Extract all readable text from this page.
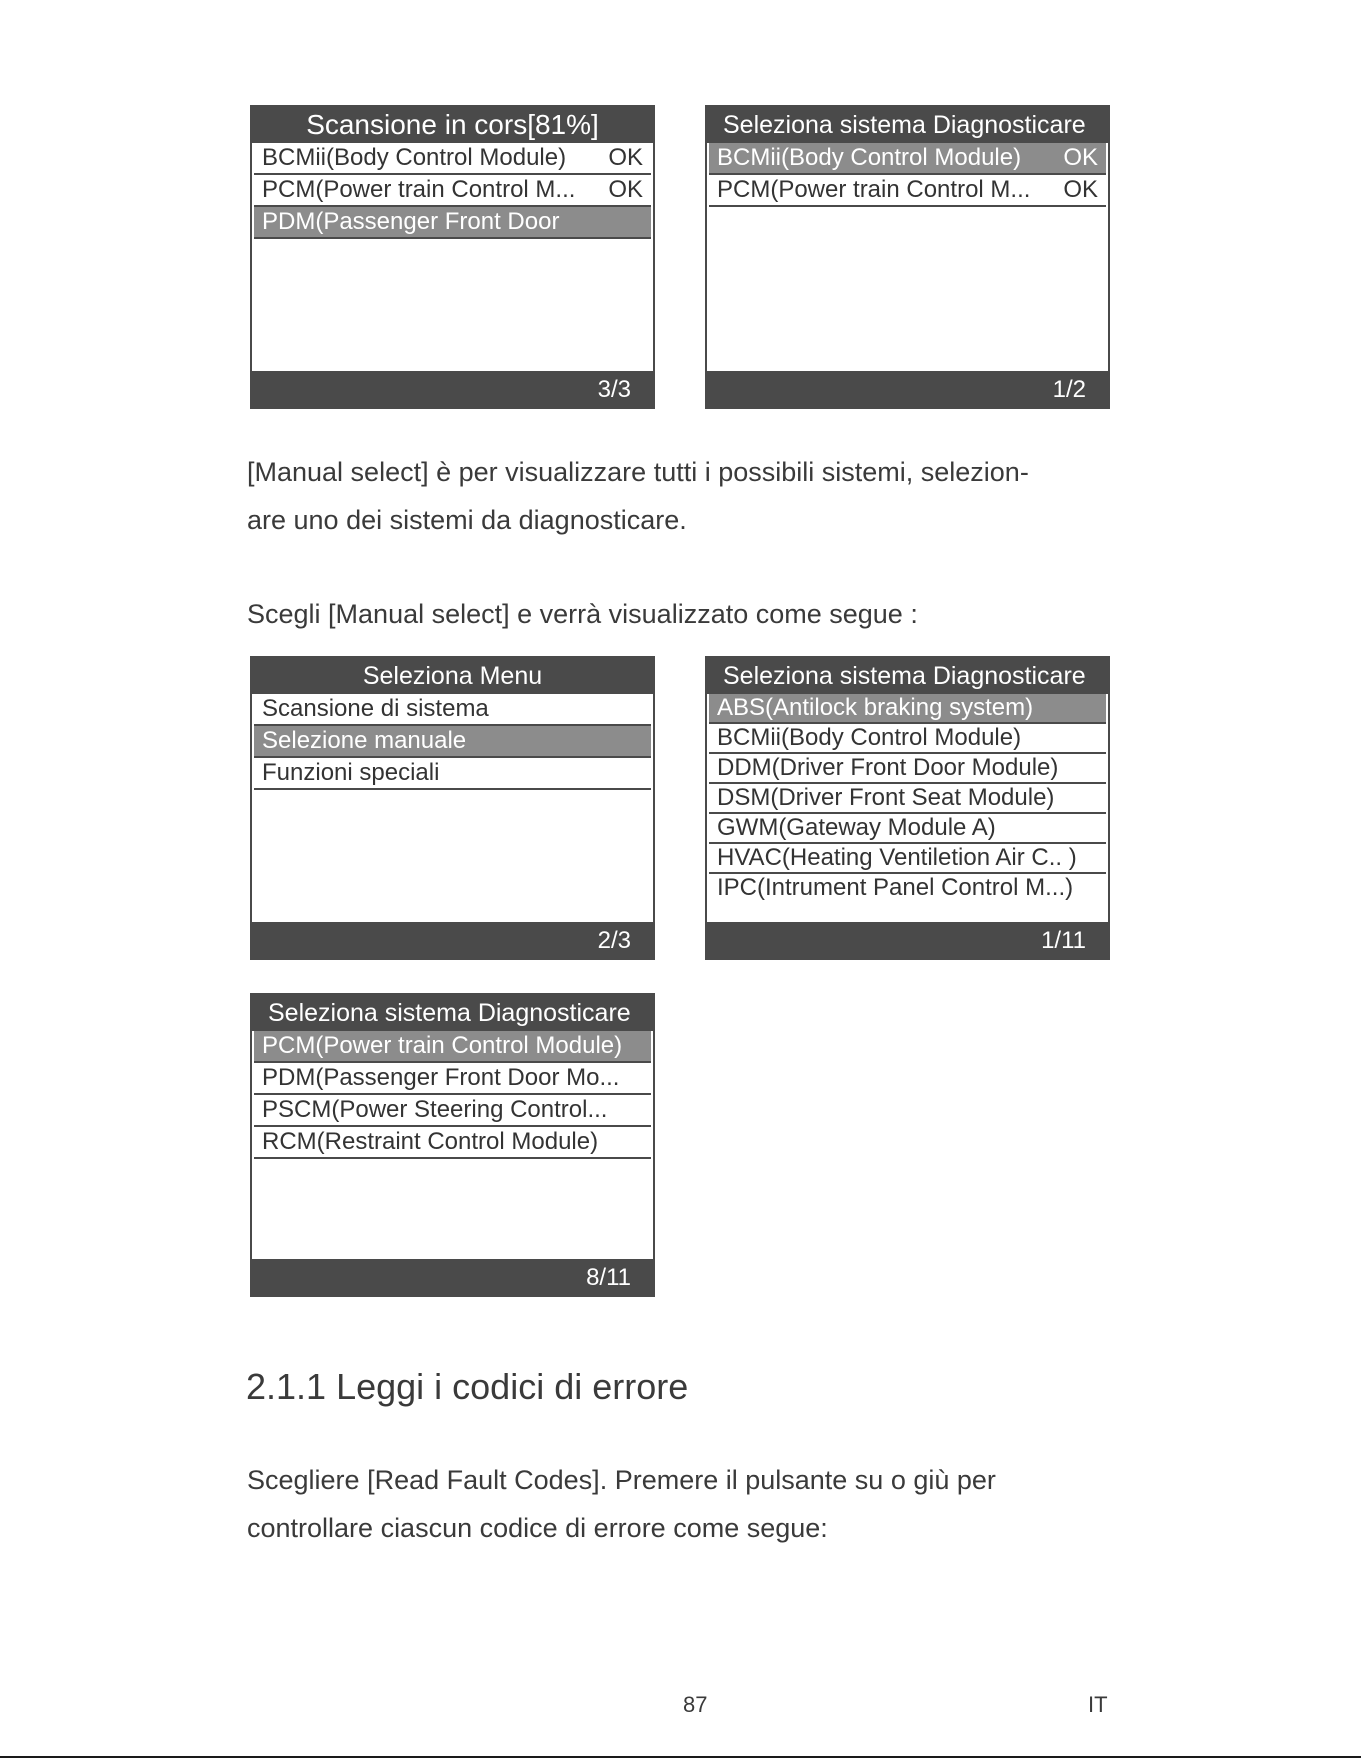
Scansione in cors[81%]
BCMii(Body Control Module)	OK
PCM(Power train Control M...	OK
PDM(Passenger Front Door
3/3
Seleziona sistema Diagnosticare
BCMii(Body Control Module)	OK
PCM(Power train Control M...	OK
1/2

[Manual select] è per visualizzare tutti i possibili sistemi, selezion-
are uno dei sistemi da diagnosticare.

Scegli [Manual select] e verrà visualizzato come segue :

Seleziona Menu
Scansione di sistema
Selezione manuale
Funzioni speciali
2/3
Seleziona sistema Diagnosticare
ABS(Antilock braking system)
BCMii(Body Control Module)
DDM(Driver Front Door Module)
DSM(Driver Front Seat Module)
GWM(Gateway Module A)
HVAC(Heating Ventiletion Air C.. )
IPC(Intrument Panel Control M...)
1/11
Seleziona sistema Diagnosticare
PCM(Power train Control Module)
PDM(Passenger Front Door Mo...
PSCM(Power Steering Control...
RCM(Restraint Control Module)
8/11
2.1.1 Leggi i codici di errore

Scegliere [Read Fault Codes]. Premere il pulsante su o giù per
controllare ciascun codice di errore come segue:

87	IT
